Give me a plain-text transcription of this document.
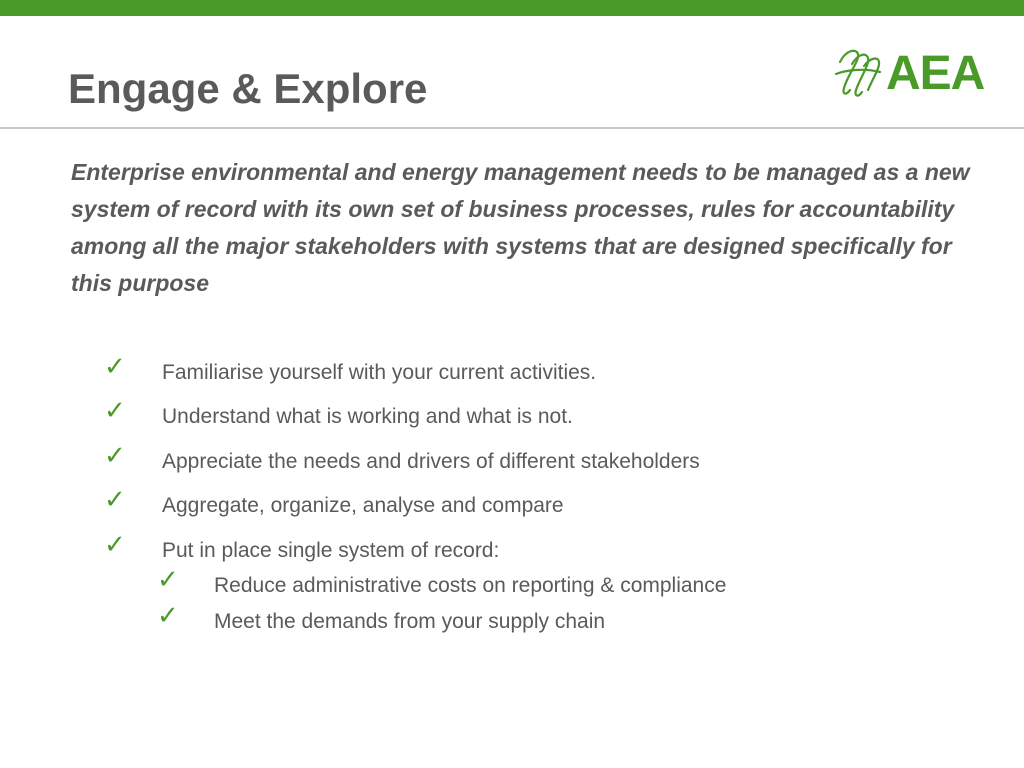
Engage & Explore	AEA

Enterprise environmental and energy management needs to be managed as a new system of record with its own set of business processes, rules for accountability among all the major stakeholders with systems that are designed specifically for this purpose

✓ Familiarise yourself with your current activities.
✓ Understand what is working and what is not.
✓ Appreciate the needs and drivers of different stakeholders
✓ Aggregate, organize, analyse and compare
✓ Put in place single system of record:
✓ Reduce administrative costs on reporting & compliance
✓ Meet the demands from your supply chain
